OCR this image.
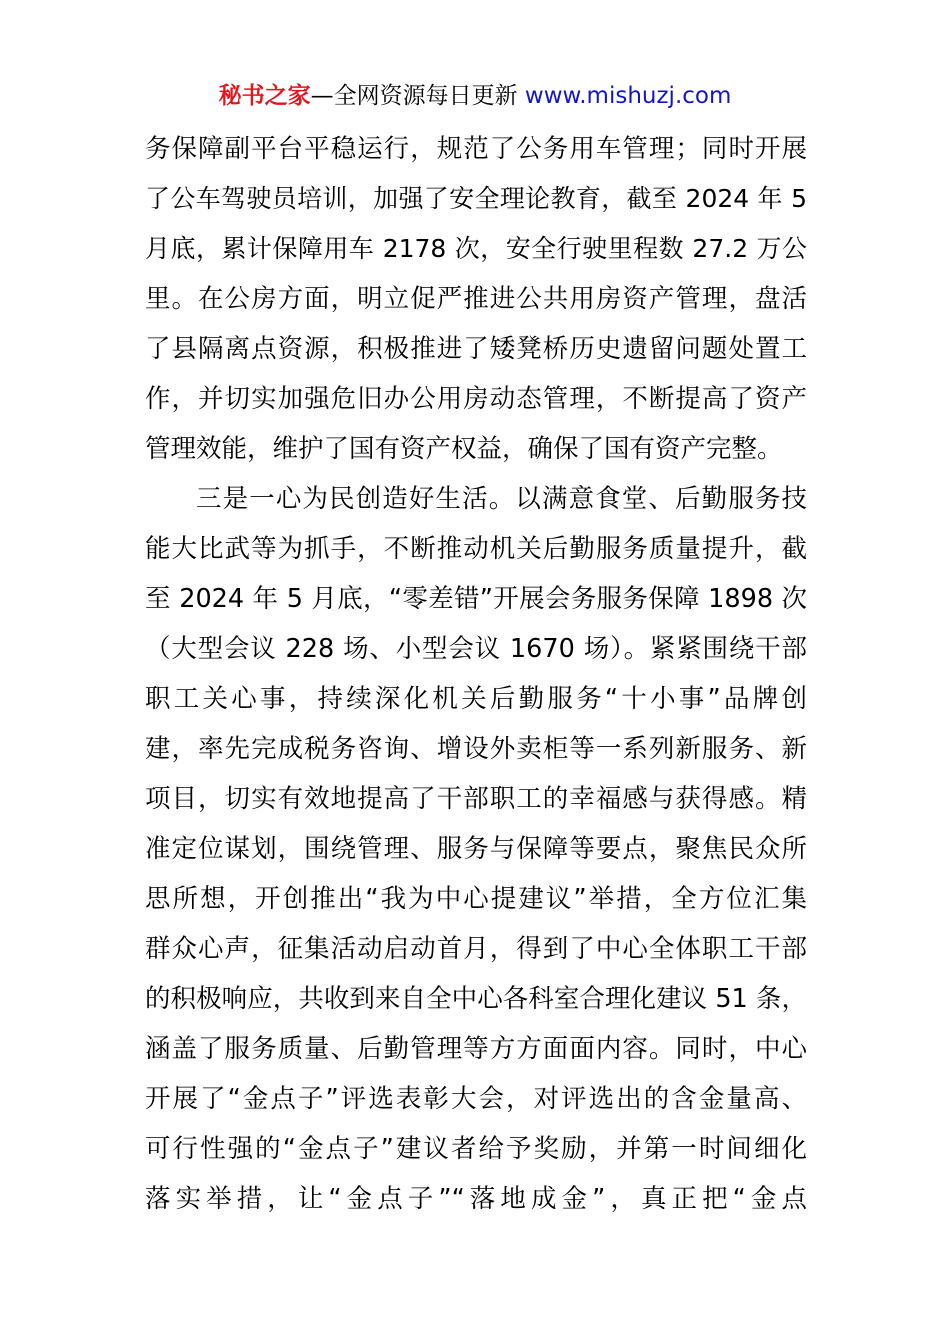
秘书之家—全网资源每日更新 www.mishuzj.com
务保障副平台平稳运行，规范了公务用车管理；同时开展
了公车驾驶员培训，加强了安全理论教育，截至 2024 年 5
月底，累计保障用车 2178 次，安全行驶里程数 27.2 万公
里。在公房方面，明立促严推进公共用房资产管理，盘活
了县隔离点资源，积极推进了矮凳桥历史遗留问题处置工
作，并切实加强危旧办公用房动态管理，不断提高了资产
管理效能，维护了国有资产权益，确保了国有资产完整。
三是一心为民创造好生活。以满意食堂、后勤服务技
能大比武等为抓手，不断推动机关后勤服务质量提升，截
至 2024 年 5 月底，“零差错”开展会务服务保障 1898 次
（大型会议 228 场、小型会议 1670 场）。紧紧围绕干部
职工关心事，持续深化机关后勤服务“十小事”品牌创
建，率先完成税务咨询、增设外卖柜等一系列新服务、新
项目，切实有效地提高了干部职工的幸福感与获得感。精
准定位谋划，围绕管理、服务与保障等要点，聚焦民众所
思所想，开创推出“我为中心提建议”举措，全方位汇集
群众心声，征集活动启动首月，得到了中心全体职工干部
的积极响应，共收到来自全中心各科室合理化建议 51 条，
涵盖了服务质量、后勤管理等方方面面内容。同时，中心
开展了“金点子”评选表彰大会，对评选出的含金量高、
可行性强的“金点子”建议者给予奖励，并第一时间细化
落实举措，让“金点子”“落地成金”，真正把“金点
